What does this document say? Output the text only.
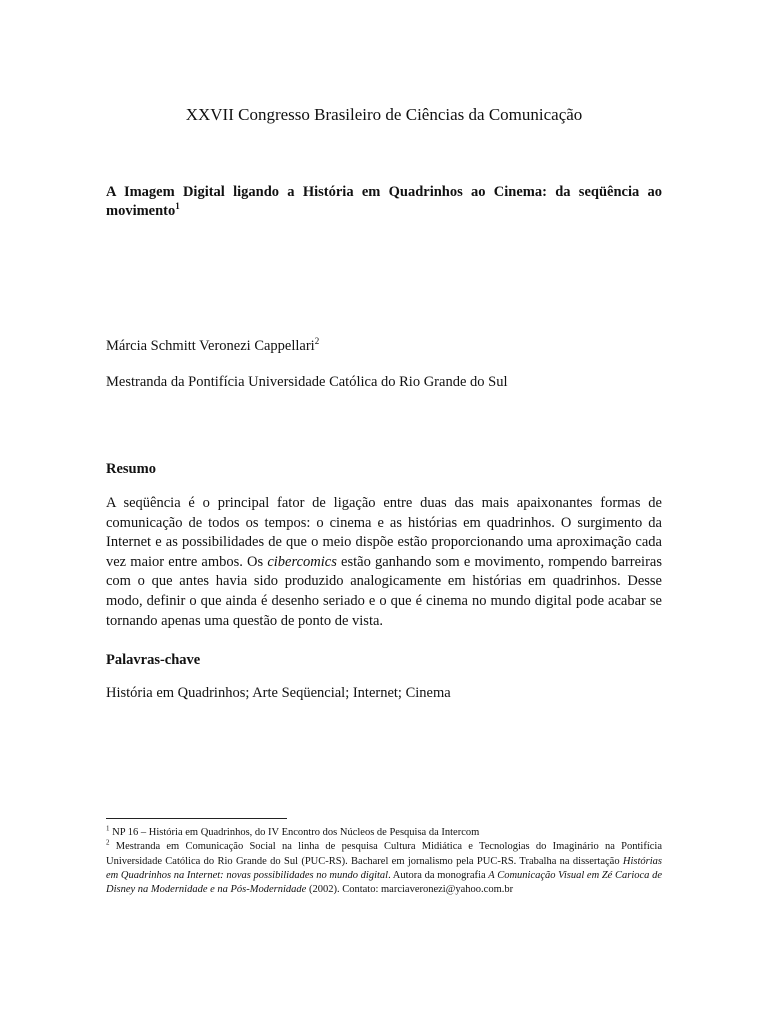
XXVII Congresso Brasileiro de Ciências da Comunicação
A Imagem Digital ligando a História em Quadrinhos ao Cinema: da seqüência ao movimento$^1$
Márcia Schmitt Veronezi Cappellari$^2$
Mestranda da Pontifícia Universidade Católica do Rio Grande do Sul
Resumo
A seqüência é o principal fator de ligação entre duas das mais apaixonantes formas de comunicação de todos os tempos: o cinema e as histórias em quadrinhos. O surgimento da Internet e as possibilidades de que o meio dispõe estão proporcionando uma aproximação cada vez maior entre ambos. Os cibercomics estão ganhando som e movimento, rompendo barreiras com o que antes havia sido produzido analogicamente em histórias em quadrinhos. Desse modo, definir o que ainda é desenho seriado e o que é cinema no mundo digital pode acabar se tornando apenas uma questão de ponto de vista.
Palavras-chave
História em Quadrinhos; Arte Seqüencial; Internet; Cinema

$^1$ NP 16 – História em Quadrinhos, do IV Encontro dos Núcleos de Pesquisa da Intercom

$^2$ Mestranda em Comunicação Social na linha de pesquisa Cultura Midiática e Tecnologias do Imaginário na Pontifícia Universidade Católica do Rio Grande do Sul (PUC-RS). Bacharel em jornalismo pela PUC-RS. Trabalha na dissertação Histórias em Quadrinhos na Internet: novas possibilidades no mundo digital. Autora da monografia A Comunicação Visual em Zé Carioca de Disney na Modernidade e na Pós-Modernidade (2002). Contato: marciaveronezi@yahoo.com.br
